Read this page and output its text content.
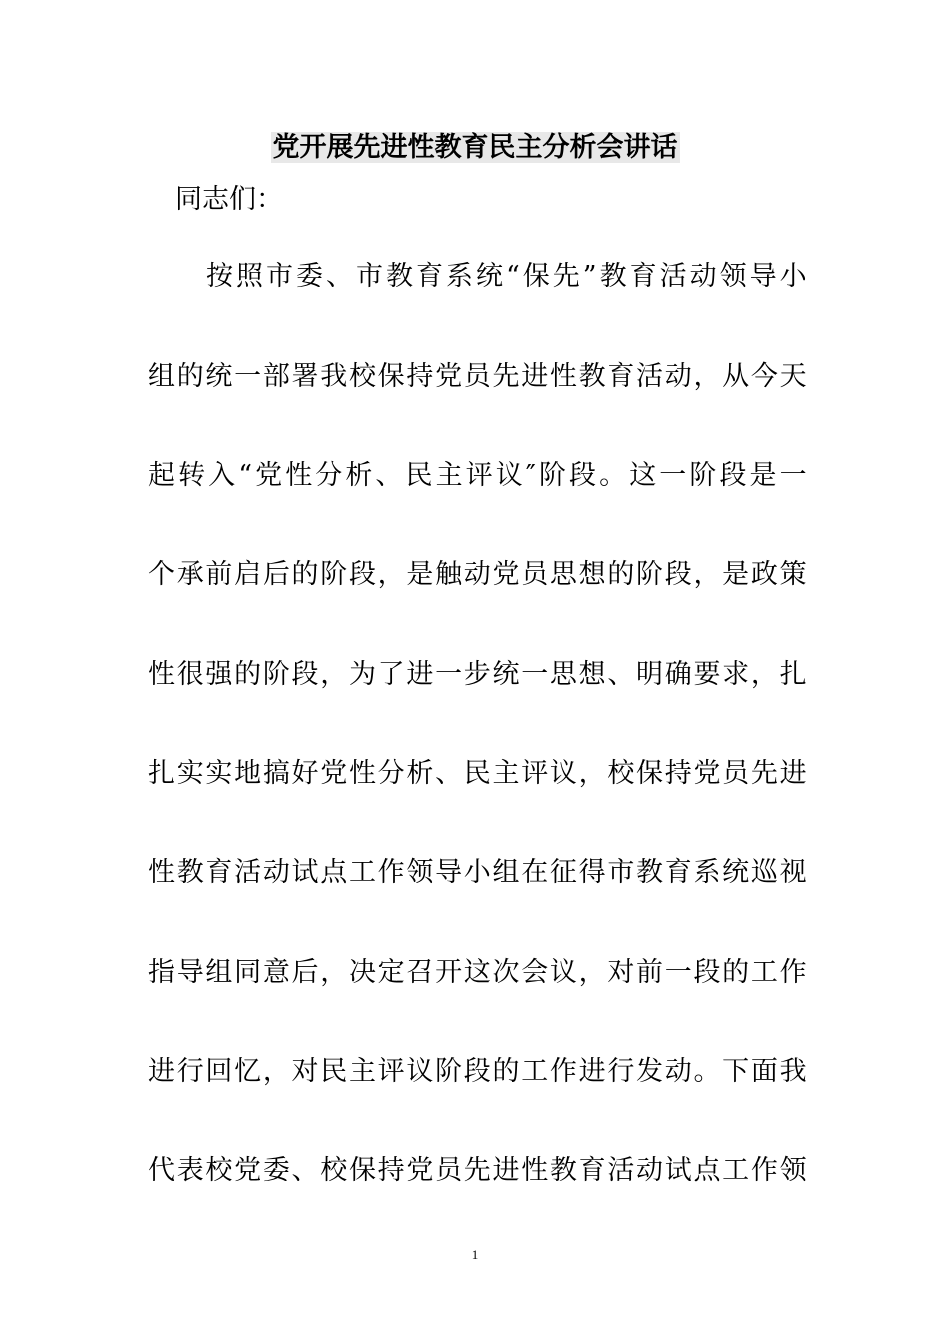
党开展先进性教育民主分析会讲话

同志们：

按照市委、市教育系统“保先”教育活动领导小
组的统一部署我校保持党员先进性教育活动，从今天
起转入“党性分析、民主评议″阶段。这一阶段是一
个承前启后的阶段，是触动党员思想的阶段，是政策
性很强的阶段，为了进一步统一思想、明确要求，扎
扎实实地搞好党性分析、民主评议，校保持党员先进
性教育活动试点工作领导小组在征得市教育系统巡视
指导组同意后，决定召开这次会议，对前一段的工作
进行回忆，对民主评议阶段的工作进行发动。下面我
代表校党委、校保持党员先进性教育活动试点工作领
1
